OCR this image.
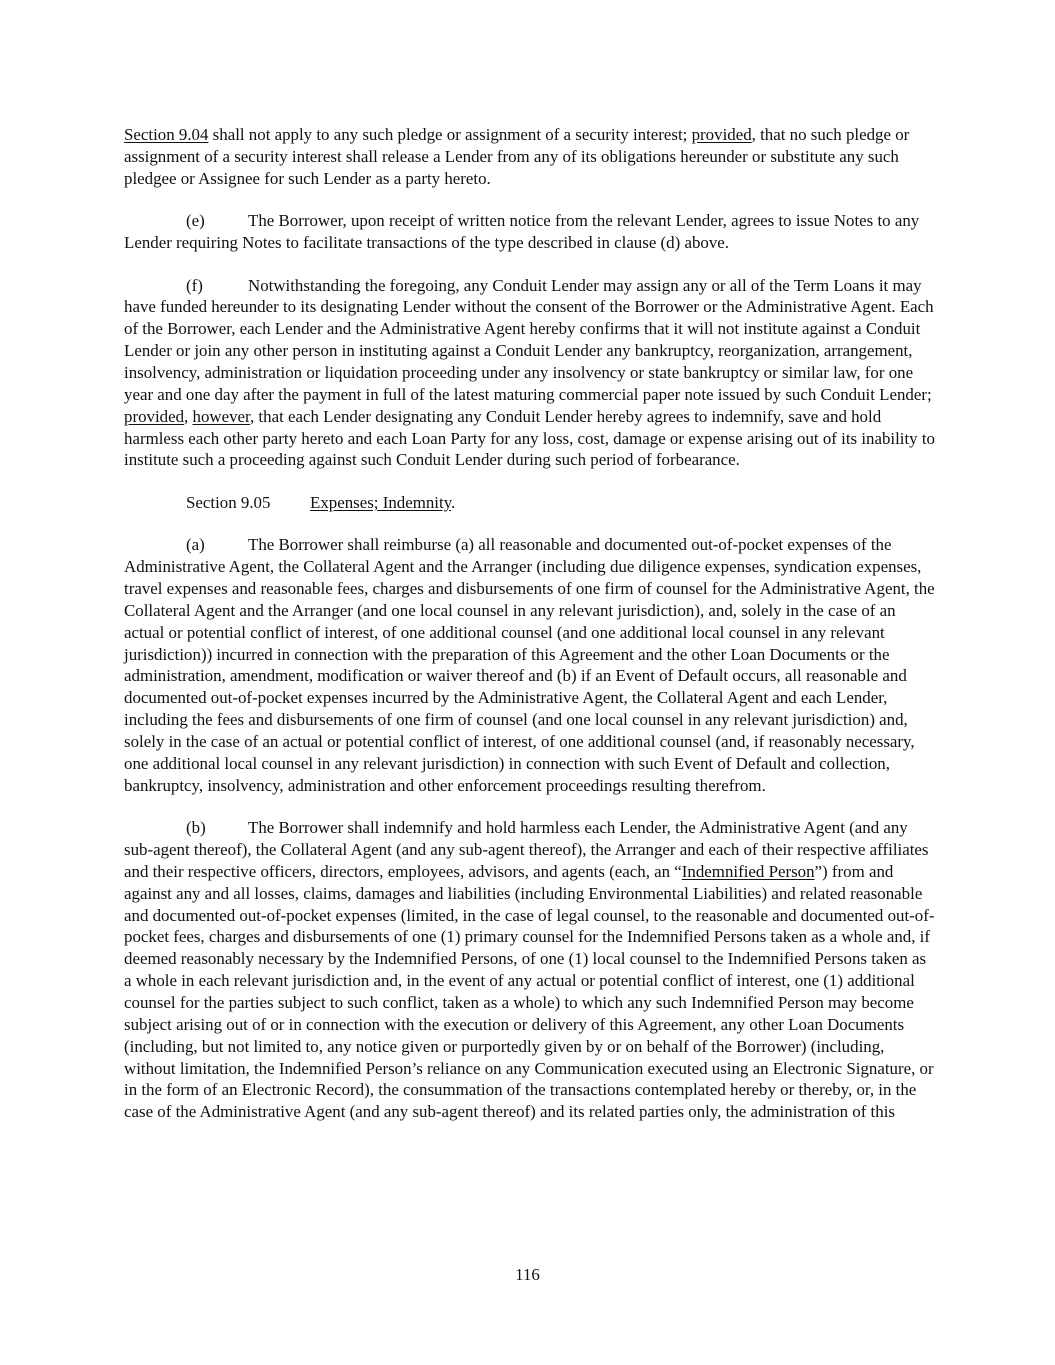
Section 9.04 shall not apply to any such pledge or assignment of a security interest; provided, that no such pledge or assignment of a security interest shall release a Lender from any of its obligations hereunder or substitute any such pledgee or Assignee for such Lender as a party hereto.

(e)	The Borrower, upon receipt of written notice from the relevant Lender, agrees to issue Notes to any Lender requiring Notes to facilitate transactions of the type described in clause (d) above.

(f)	Notwithstanding the foregoing, any Conduit Lender may assign any or all of the Term Loans it may have funded hereunder to its designating Lender without the consent of the Borrower or the Administrative Agent. Each of the Borrower, each Lender and the Administrative Agent hereby confirms that it will not institute against a Conduit Lender or join any other person in instituting against a Conduit Lender any bankruptcy, reorganization, arrangement, insolvency, administration or liquidation proceeding under any insolvency or state bankruptcy or similar law, for one year and one day after the payment in full of the latest maturing commercial paper note issued by such Conduit Lender; provided, however, that each Lender designating any Conduit Lender hereby agrees to indemnify, save and hold harmless each other party hereto and each Loan Party for any loss, cost, damage or expense arising out of its inability to institute such a proceeding against such Conduit Lender during such period of forbearance.

Section 9.05 Expenses; Indemnity.

(a)	The Borrower shall reimburse (a) all reasonable and documented out-of-pocket expenses of the Administrative Agent, the Collateral Agent and the Arranger (including due diligence expenses, syndication expenses, travel expenses and reasonable fees, charges and disbursements of one firm of counsel for the Administrative Agent, the Collateral Agent and the Arranger (and one local counsel in any relevant jurisdiction), and, solely in the case of an actual or potential conflict of interest, of one additional counsel (and one additional local counsel in any relevant jurisdiction)) incurred in connection with the preparation of this Agreement and the other Loan Documents or the administration, amendment, modification or waiver thereof and (b) if an Event of Default occurs, all reasonable and documented out-of-pocket expenses incurred by the Administrative Agent, the Collateral Agent and each Lender, including the fees and disbursements of one firm of counsel (and one local counsel in any relevant jurisdiction) and, solely in the case of an actual or potential conflict of interest, of one additional counsel (and, if reasonably necessary, one additional local counsel in any relevant jurisdiction) in connection with such Event of Default and collection, bankruptcy, insolvency, administration and other enforcement proceedings resulting therefrom.

(b)	The Borrower shall indemnify and hold harmless each Lender, the Administrative Agent (and any sub-agent thereof), the Collateral Agent (and any sub-agent thereof), the Arranger and each of their respective affiliates and their respective officers, directors, employees, advisors, and agents (each, an “Indemnified Person”) from and against any and all losses, claims, damages and liabilities (including Environmental Liabilities) and related reasonable and documented out-of-pocket expenses (limited, in the case of legal counsel, to the reasonable and documented out-of-pocket fees, charges and disbursements of one (1) primary counsel for the Indemnified Persons taken as a whole and, if deemed reasonably necessary by the Indemnified Persons, of one (1) local counsel to the Indemnified Persons taken as a whole in each relevant jurisdiction and, in the event of any actual or potential conflict of interest, one (1) additional counsel for the parties subject to such conflict, taken as a whole) to which any such Indemnified Person may become subject arising out of or in connection with the execution or delivery of this Agreement, any other Loan Documents (including, but not limited to, any notice given or purportedly given by or on behalf of the Borrower) (including, without limitation, the Indemnified Person’s reliance on any Communication executed using an Electronic Signature, or in the form of an Electronic Record), the consummation of the transactions contemplated hereby or thereby, or, in the case of the Administrative Agent (and any sub-agent thereof) and its related parties only, the administration of this

116
